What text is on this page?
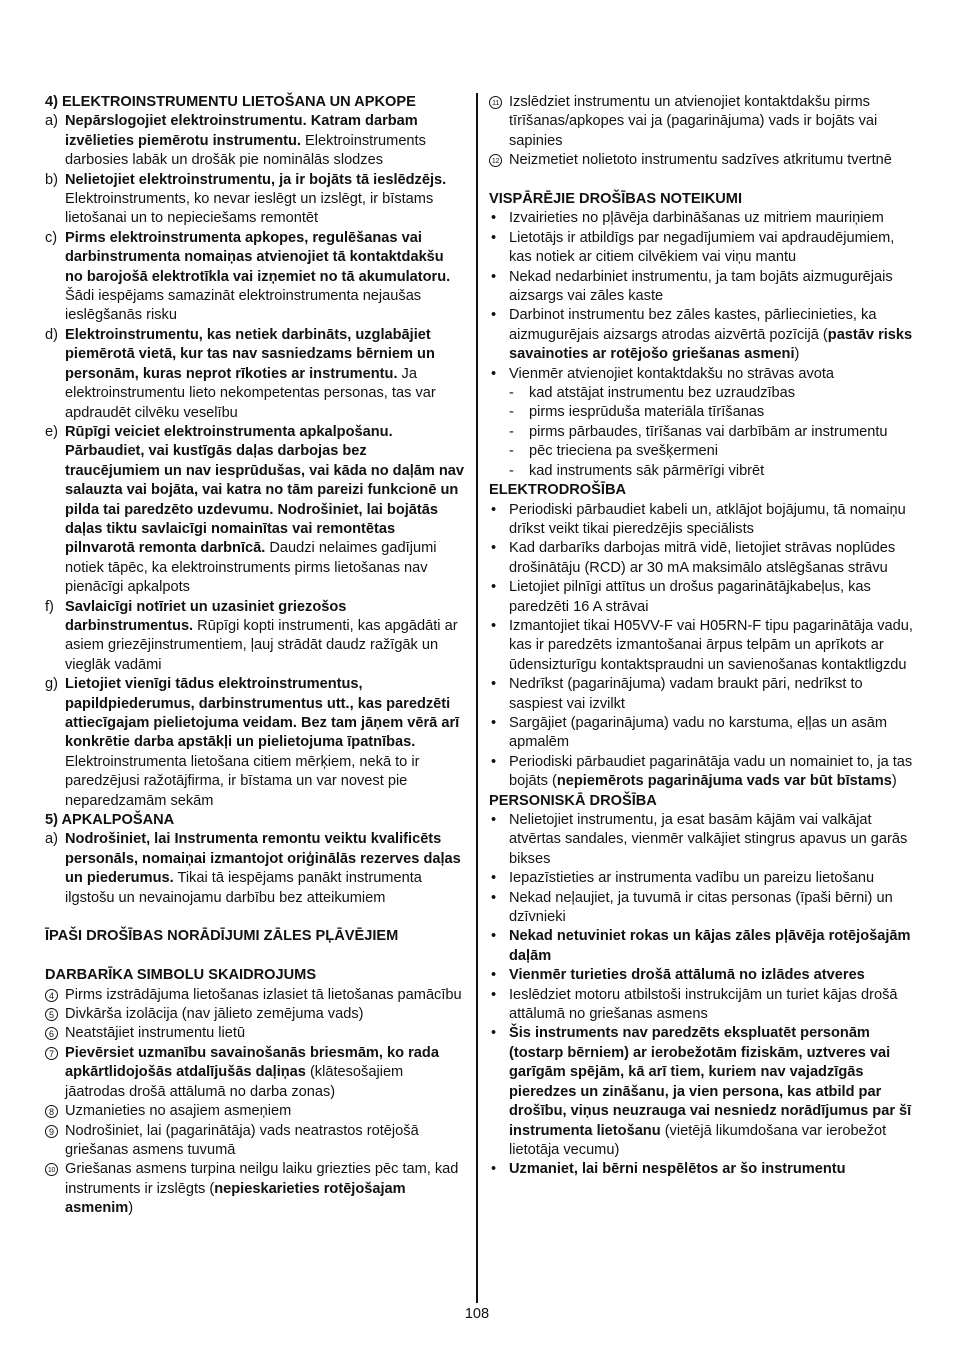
4) ELEKTROINSTRUMENTU LIETOŠANA UN APKOPE

a) Nepārslogojiet elektroinstrumentu. Katram darbam izvēlieties piemērotu instrumentu. Elektroinstruments darbosies labāk un drošāk pie nominālās slodzes
b) Nelietojiet elektroinstrumentu, ja ir bojāts tā ieslēdzējs. Elektroinstruments, ko nevar ieslēgt un izslēgt, ir bīstams lietošanai un to nepieciešams remontēt
c) Pirms elektroinstrumenta apkopes, regulēšanas vai darbinstrumenta nomaiņas atvienojiet tā kontaktdakšu no barojošā elektrotīkla vai izņemiet no tā akumulatoru. Šādi iespējams samazināt elektroinstrumenta nejaušas ieslēgšanās risku
d) Elektroinstrumentu, kas netiek darbināts, uzglabājiet piemērotā vietā, kur tas nav sasniedzams bērniem un personām, kuras neprot rīkoties ar instrumentu. Ja elektroinstrumentu lieto nekompetentas personas, tas var apdraudēt cilvēku veselību
e) Rūpīgi veiciet elektroinstrumenta apkalpošanu. Pārbaudiet, vai kustīgās daļas darbojas bez traucējumiem un nav iesprūdušas, vai kāda no daļām nav salauzta vai bojāta, vai katra no tām pareizi funkcionē un pilda tai paredzēto uzdevumu. Nodrošiniet, lai bojātās daļas tiktu savlaicīgi nomainītas vai remontētas pilnvarotā remonta darbnīcā. Daudzi nelaimes gadījumi notiek tāpēc, ka elektroinstruments pirms lietošanas nav pienācīgi apkalpots
f) Savlaicīgi notīriet un uzasiniet griezošos darbinstrumentus. Rūpīgi kopti instrumenti, kas apgādāti ar asiem griezējinstrumentiem, ļauj strādāt daudz ražīgāk un vieglāk vadāmi
g) Lietojiet vienīgi tādus elektroinstrumentus, papildpiederumus, darbinstrumentus utt., kas paredzēti attiecīgajam pielietojuma veidam. Bez tam jāņem vērā arī konkrētie darba apstākļi un pielietojuma īpatnības. Elektroinstrumenta lietošana citiem mērķiem, nekā to ir paredzējusi ražotājfirma, ir bīstama un var novest pie neparedzamām sekām

5) APKALPOŠANA

a) Nodrošiniet, lai Instrumenta remontu veiktu kvalificēts personāls, nomaiņai izmantojot oriģinālās rezerves daļas un piederumus. Tikai tā iespējams panākt instrumenta ilgstošu un nevainojamu darbību bez atteikumiem

ĪPAŠI DROŠĪBAS NORĀDĪJUMI ZĀLES PĻĀVĒJIEM

DARBARĪKA SIMBOLU SKAIDROJUMS

4 Pirms izstrādājuma lietošanas izlasiet tā lietošanas pamācību
5 Divkārša izolācija (nav jālieto zemējuma vads)
6 Neatstājiet instrumentu lietū
7 Pievērsiet uzmanību savainošanās briesmām, ko rada apkārtlidojošās atdalījušās daļiņas (klātesošajiem jāatrodas drošā attālumā no darba zonas)
8 Uzmanieties no asajiem asmeņiem
9 Nodrošiniet, lai (pagarinātāja) vads neatrastos rotējošā griešanas asmens tuvumā
10 Griešanas asmens turpina neilgu laiku griezties pēc tam, kad instruments ir izslēgts (nepieskarieties rotējošajam asmenim)
11 Izslēdziet instrumentu un atvienojiet kontaktdakšu pirms tīrīšanas/apkopes vai ja (pagarinājuma) vads ir bojāts vai sapinies
12 Neizmetiet nolietoto instrumentu sadzīves atkritumu tvertnē

VISPĀRĒJIE DROŠĪBAS NOTEIKUMI

• Izvairieties no pļāvēja darbināšanas uz mitriem mauriņiem
• Lietotājs ir atbildīgs par negadījumiem vai apdraudējumiem, kas notiek ar citiem cilvēkiem vai viņu mantu
• Nekad nedarbiniet instrumentu, ja tam bojāts aizmugurējais aizsargs vai zāles kaste
• Darbinot instrumentu bez zāles kastes, pārliecinieties, ka aizmugurējais aizsargs atrodas aizvērtā pozīcijā (pastāv risks savainoties ar rotējošo griešanas asmeni)
• Vienmēr atvienojiet kontaktdakšu no strāvas avota
- kad atstājat instrumentu bez uzraudzības
- pirms iesprūduša materiāla tīrīšanas
- pirms pārbaudes, tīrīšanas vai darbībām ar instrumentu
- pēc trieciena pa svešķermeni
- kad instruments sāk pārmērīgi vibrēt

ELEKTRODROŠĪBA

• Periodiski pārbaudiet kabeli un, atklājot bojājumu, tā nomaiņu drīkst veikt tikai pieredzējis speciālists
• Kad darbarīks darbojas mitrā vidē, lietojiet strāvas noplūdes drošinātāju (RCD) ar 30 mA maksimālo atslēgšanas strāvu
• Lietojiet pilnīgi attītus un drošus pagarinātājkabeļus, kas paredzēti 16 A strāvai
• Izmantojiet tikai H05VV-F vai H05RN-F tipu pagarinātāja vadu, kas ir paredzēts izmantošanai ārpus telpām un aprīkots ar ūdensizturīgu kontaktspraudni un savienošanas kontaktligzdu
• Nedrīkst (pagarinājuma) vadam braukt pāri, nedrīkst to saspiest vai izvilkt
• Sargājiet (pagarinājuma) vadu no karstuma, eļļas un asām apmalēm
• Periodiski pārbaudiet pagarinātāja vadu un nomainiet to, ja tas bojāts (nepiemērots pagarinājuma vads var būt bīstams)

PERSONISKĀ DROŠĪBA

• Nelietojiet instrumentu, ja esat basām kājām vai valkājat atvērtas sandales, vienmēr valkājiet stingrus apavus un garās bikses
• Iepazīstieties ar instrumenta vadību un pareizu lietošanu
• Nekad neļaujiet, ja tuvumā ir citas personas (īpaši bērni) un dzīvnieki
• Nekad netuviniet rokas un kājas zāles pļāvēja rotējošajām daļām
• Vienmēr turieties drošā attālumā no izlādes atveres
• Ieslēdziet motoru atbilstoši instrukcijām un turiet kājas drošā attālumā no griešanas asmens
• Šis instruments nav paredzēts ekspluatēt personām (tostarp bērniem) ar ierobežotām fiziskām, uztveres vai garīgām spējām, kā arī tiem, kuriem nav vajadzīgās pieredzes un zināšanu, ja vien persona, kas atbild par drošību, viņus neuzrauga vai nesniedz norādījumus par šī instrumenta lietošanu (vietējā likumdošana var ierobežot lietotāja vecumu)
• Uzmaniet, lai bērni nespēlētos ar šo instrumentu
108
